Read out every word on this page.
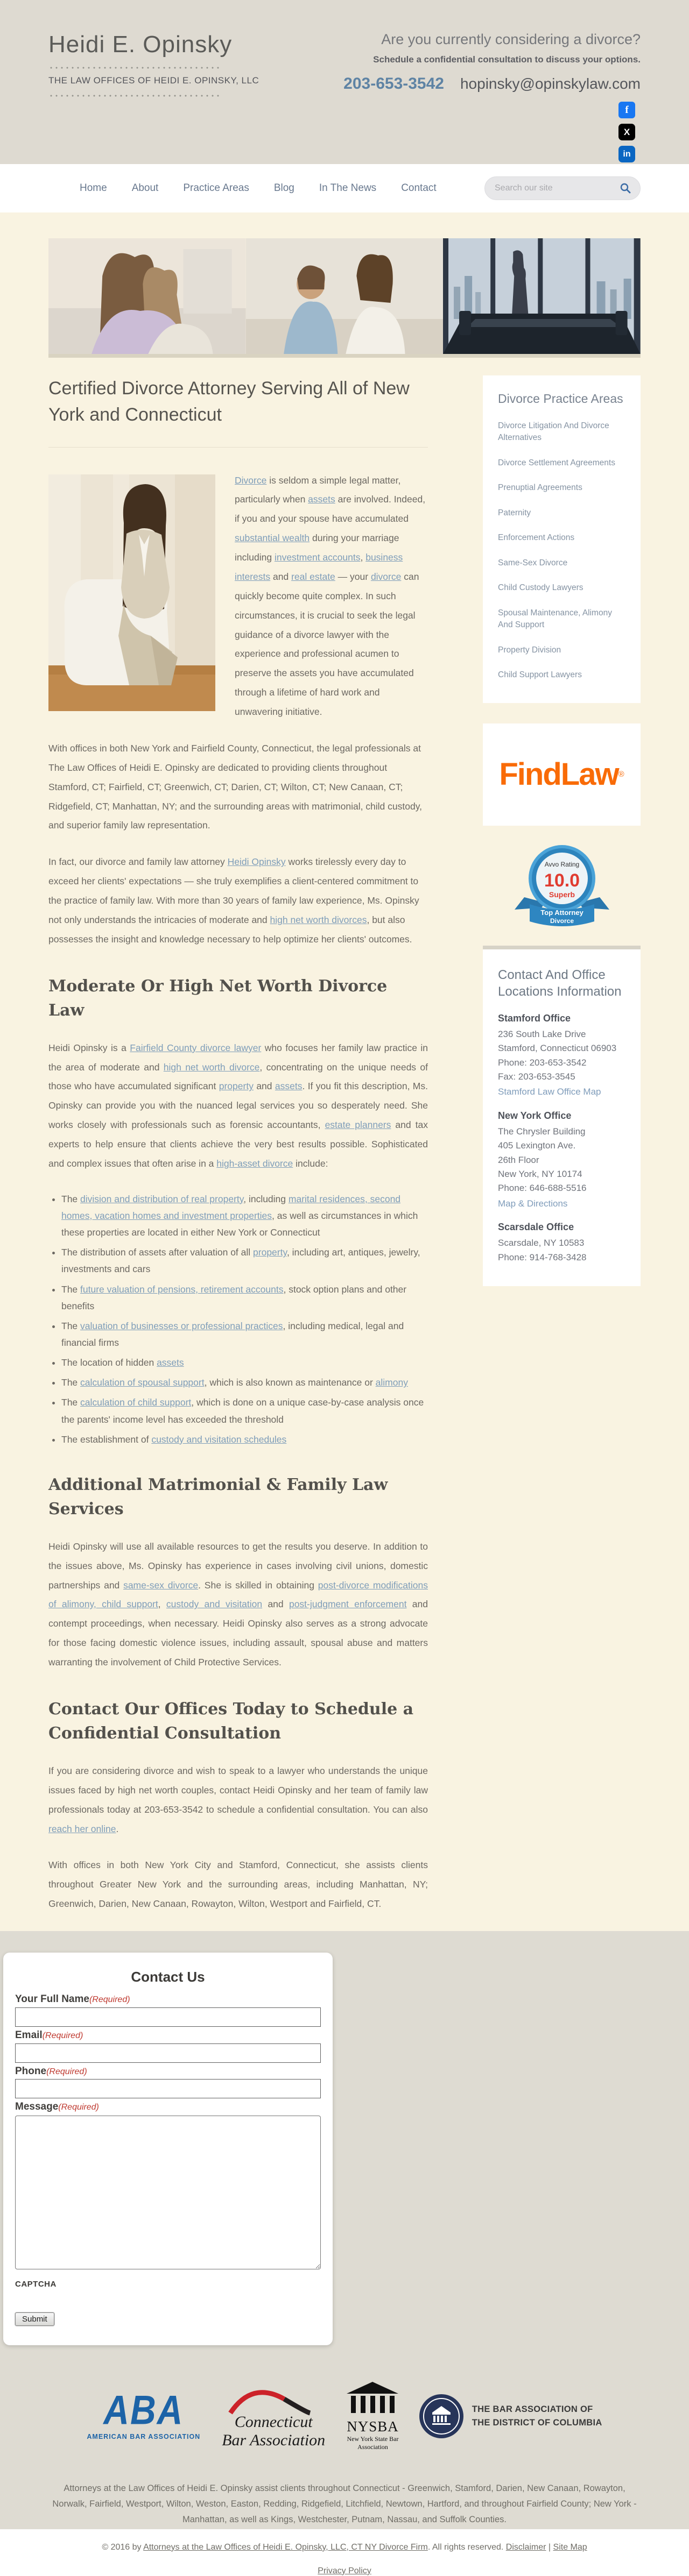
Heidi E. Opinsky
THE LAW OFFICES OF HEIDI E. OPINSKY, LLC
Are you currently considering a divorce?
Schedule a confidential consultation to discuss your options.
203-653-3542 hopinsky@opinskylaw.com
f
X
in
Home About Practice Areas Blog In The News Contact
Search our site
Certified Divorce Attorney Serving All of New York and Connecticut

Divorce is seldom a simple legal matter, particularly when assets are involved. Indeed, if you and your spouse have accumulated substantial wealth during your marriage including investment accounts, business interests and real estate — your divorce can quickly become quite complex. In such circumstances, it is crucial to seek the legal guidance of a divorce lawyer with the experience and professional acumen to preserve the assets you have accumulated through a lifetime of hard work and unwavering initiative.

With offices in both New York and Fairfield County, Connecticut, the legal professionals at The Law Offices of Heidi E. Opinsky are dedicated to providing clients throughout Stamford, CT; Fairfield, CT; Greenwich, CT; Darien, CT; Wilton, CT; New Canaan, CT; Ridgefield, CT; Manhattan, NY; and the surrounding areas with matrimonial, child custody, and superior family law representation.

In fact, our divorce and family law attorney Heidi Opinsky works tirelessly every day to exceed her clients' expectations — she truly exemplifies a client-centered commitment to the practice of family law. With more than 30 years of family law experience, Ms. Opinsky not only understands the intricacies of moderate and high net worth divorces, but also possesses the insight and knowledge necessary to help optimize her clients' outcomes.

Moderate Or High Net Worth Divorce Law

Heidi Opinsky is a Fairfield County divorce lawyer who focuses her family law practice in the area of moderate and high net worth divorce, concentrating on the unique needs of those who have accumulated significant property and assets. If you fit this description, Ms. Opinsky can provide you with the nuanced legal services you so desperately need. She works closely with professionals such as forensic accountants, estate planners and tax experts to help ensure that clients achieve the very best results possible. Sophisticated and complex issues that often arise in a high-asset divorce include:

• The division and distribution of real property, including marital residences, second homes, vacation homes and investment properties, as well as circumstances in which these properties are located in either New York or Connecticut
• The distribution of assets after valuation of all property, including art, antiques, jewelry, investments and cars
• The future valuation of pensions, retirement accounts, stock option plans and other benefits
• The valuation of businesses or professional practices, including medical, legal and financial firms
• The location of hidden assets
• The calculation of spousal support, which is also known as maintenance or alimony
• The calculation of child support, which is done on a unique case-by-case analysis once the parents' income level has exceeded the threshold
• The establishment of custody and visitation schedules
Additional Matrimonial & Family Law Services

Heidi Opinsky will use all available resources to get the results you deserve. In addition to the issues above, Ms. Opinsky has experience in cases involving civil unions, domestic partnerships and same-sex divorce. She is skilled in obtaining post-divorce modifications of alimony, child support, custody and visitation and post-judgment enforcement and contempt proceedings, when necessary. Heidi Opinsky also serves as a strong advocate for those facing domestic violence issues, including assault, spousal abuse and matters warranting the involvement of Child Protective Services.

Contact Our Offices Today to Schedule a Confidential Consultation

If you are considering divorce and wish to speak to a lawyer who understands the unique issues faced by high net worth couples, contact Heidi Opinsky and her team of family law professionals today at 203-653-3542 to schedule a confidential consultation. You can also reach her online.

With offices in both New York City and Stamford, Connecticut, she assists clients throughout Greater New York and the surrounding areas, including Manhattan, NY; Greenwich, Darien, New Canaan, Rowayton, Wilton, Westport and Fairfield, CT.

Divorce Practice Areas
Divorce Litigation And Divorce Alternatives
Divorce Settlement Agreements
Prenuptial Agreements
Paternity
Enforcement Actions
Same-Sex Divorce
Child Custody Lawyers
Spousal Maintenance, Alimony And Support
Property Division
Child Support Lawyers
FindLaw ®
Avvo Rating
10.0
Superb
Top Attorney
Divorce
Contact And Office Locations Information
Stamford Office
236 South Lake Drive
Stamford, Connecticut 06903
Phone: 203-653-3542
Fax: 203-653-3545
Stamford Law Office Map
New York Office
The Chrysler Building
405 Lexington Ave.
26th Floor
New York, NY 10174
Phone: 646-688-5516
Map & Directions
Scarsdale Office
Scarsdale, NY 10583
Phone: 914-768-3428
Contact Us
Your Full Name(Required)
Email(Required)
Phone(Required)
Message(Required)
CAPTCHA
Submit
ABA
AMERICAN BAR ASSOCIATION
Connecticut
Bar Association
NYSBA
New York State Bar
Association
THE BAR ASSOCIATION OF
THE DISTRICT OF COLUMBIA
Attorneys at the Law Offices of Heidi E. Opinsky assist clients throughout Connecticut - Greenwich, Stamford, Darien, New Canaan, Rowayton, Norwalk, Fairfield, Westport, Wilton, Weston, Easton, Redding, Ridgefield, Litchfield, Newtown, Hartford, and throughout Fairfield County; New York - Manhattan, as well as Kings, Westchester, Putnam, Nassau, and Suffolk Counties.
© 2016 by Attorneys at the Law Offices of Heidi E. Opinsky, LLC, CT NY Divorce Firm. All rights reserved. Disclaimer | Site Map
Privacy Policy
